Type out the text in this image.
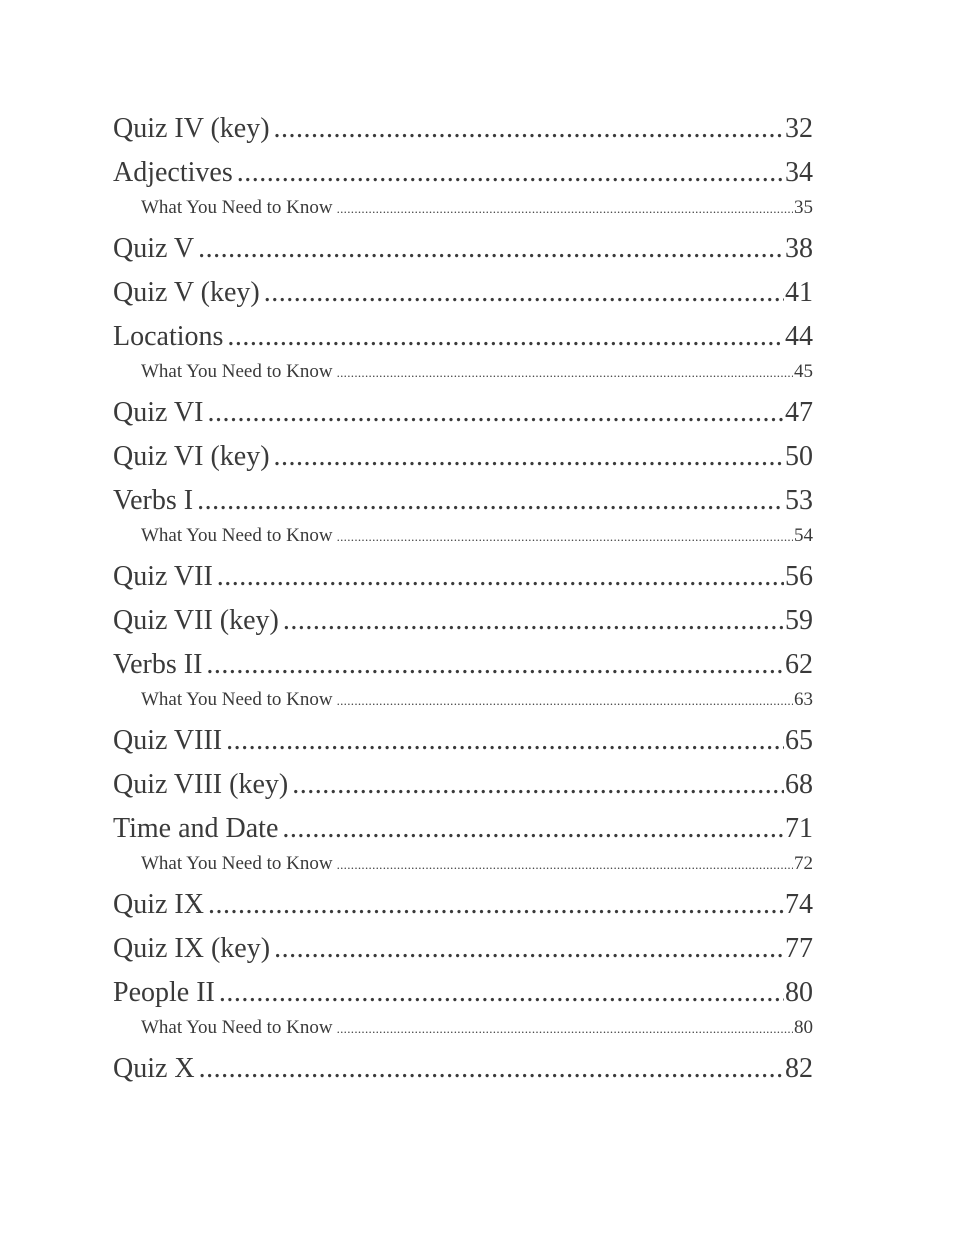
Quiz IV (key) .....	32
Adjectives .....	34
What You Need to Know .....	35
Quiz V .....	38
Quiz V (key) .....	41
Locations .....	44
What You Need to Know .....	45
Quiz VI .....	47
Quiz VI (key) .....	50
Verbs I .....	53
What You Need to Know .....	54
Quiz VII .....	56
Quiz VII (key) .....	59
Verbs II .....	62
What You Need to Know .....	63
Quiz VIII .....	65
Quiz VIII (key) .....	68
Time and Date .....	71
What You Need to Know .....	72
Quiz IX .....	74
Quiz IX (key) .....	77
People II .....	80
What You Need to Know .....	80
Quiz X .....	82
